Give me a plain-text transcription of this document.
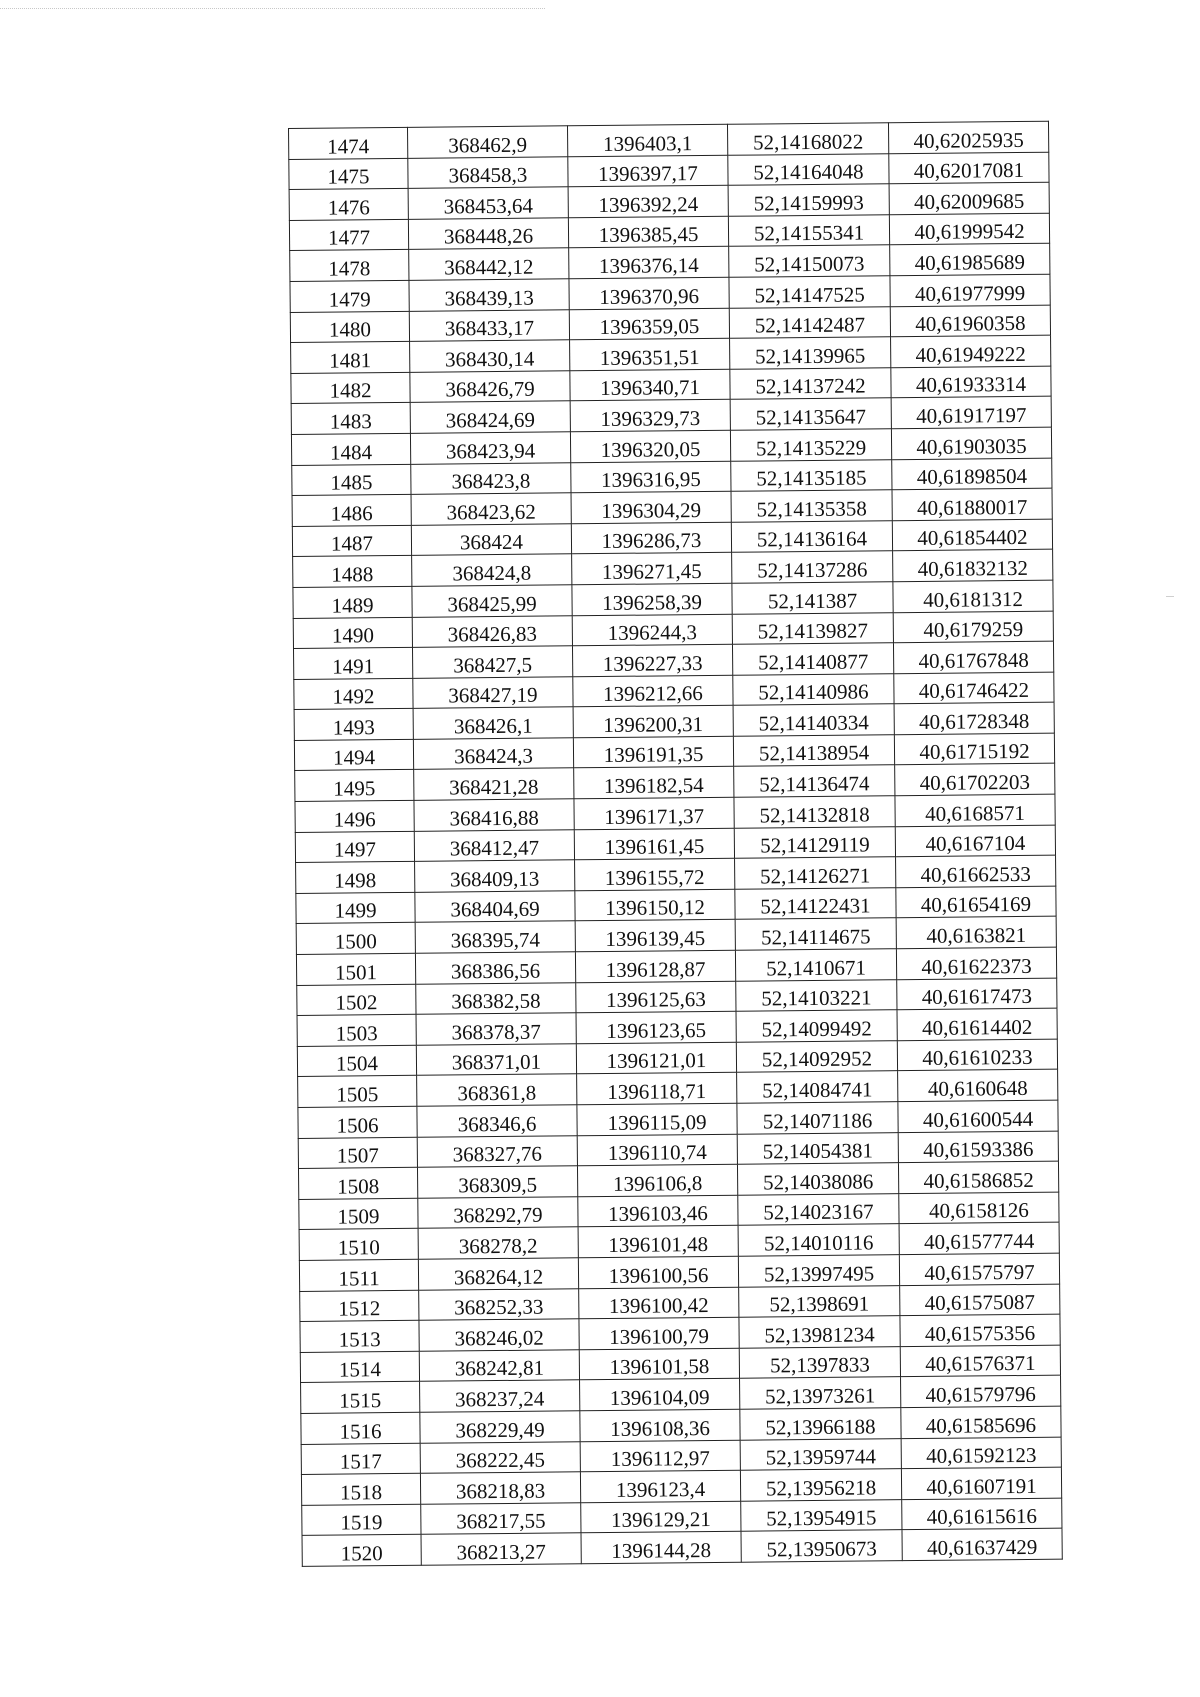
1474	368462,9	1396403,1	52,14168022	40,62025935
1475	368458,3	1396397,17	52,14164048	40,62017081
1476	368453,64	1396392,24	52,14159993	40,62009685
1477	368448,26	1396385,45	52,14155341	40,61999542
1478	368442,12	1396376,14	52,14150073	40,61985689
1479	368439,13	1396370,96	52,14147525	40,61977999
1480	368433,17	1396359,05	52,14142487	40,61960358
1481	368430,14	1396351,51	52,14139965	40,61949222
1482	368426,79	1396340,71	52,14137242	40,61933314
1483	368424,69	1396329,73	52,14135647	40,61917197
1484	368423,94	1396320,05	52,14135229	40,61903035
1485	368423,8	1396316,95	52,14135185	40,61898504
1486	368423,62	1396304,29	52,14135358	40,61880017
1487	368424	1396286,73	52,14136164	40,61854402
1488	368424,8	1396271,45	52,14137286	40,61832132
1489	368425,99	1396258,39	52,141387	40,6181312
1490	368426,83	1396244,3	52,14139827	40,6179259
1491	368427,5	1396227,33	52,14140877	40,61767848
1492	368427,19	1396212,66	52,14140986	40,61746422
1493	368426,1	1396200,31	52,14140334	40,61728348
1494	368424,3	1396191,35	52,14138954	40,61715192
1495	368421,28	1396182,54	52,14136474	40,61702203
1496	368416,88	1396171,37	52,14132818	40,6168571
1497	368412,47	1396161,45	52,14129119	40,6167104
1498	368409,13	1396155,72	52,14126271	40,61662533
1499	368404,69	1396150,12	52,14122431	40,61654169
1500	368395,74	1396139,45	52,14114675	40,6163821
1501	368386,56	1396128,87	52,1410671	40,61622373
1502	368382,58	1396125,63	52,14103221	40,61617473
1503	368378,37	1396123,65	52,14099492	40,61614402
1504	368371,01	1396121,01	52,14092952	40,61610233
1505	368361,8	1396118,71	52,14084741	40,6160648
1506	368346,6	1396115,09	52,14071186	40,61600544
1507	368327,76	1396110,74	52,14054381	40,61593386
1508	368309,5	1396106,8	52,14038086	40,61586852
1509	368292,79	1396103,46	52,14023167	40,6158126
1510	368278,2	1396101,48	52,14010116	40,61577744
1511	368264,12	1396100,56	52,13997495	40,61575797
1512	368252,33	1396100,42	52,1398691	40,61575087
1513	368246,02	1396100,79	52,13981234	40,61575356
1514	368242,81	1396101,58	52,1397833	40,61576371
1515	368237,24	1396104,09	52,13973261	40,61579796
1516	368229,49	1396108,36	52,13966188	40,61585696
1517	368222,45	1396112,97	52,13959744	40,61592123
1518	368218,83	1396123,4	52,13956218	40,61607191
1519	368217,55	1396129,21	52,13954915	40,61615616
1520	368213,27	1396144,28	52,13950673	40,61637429
